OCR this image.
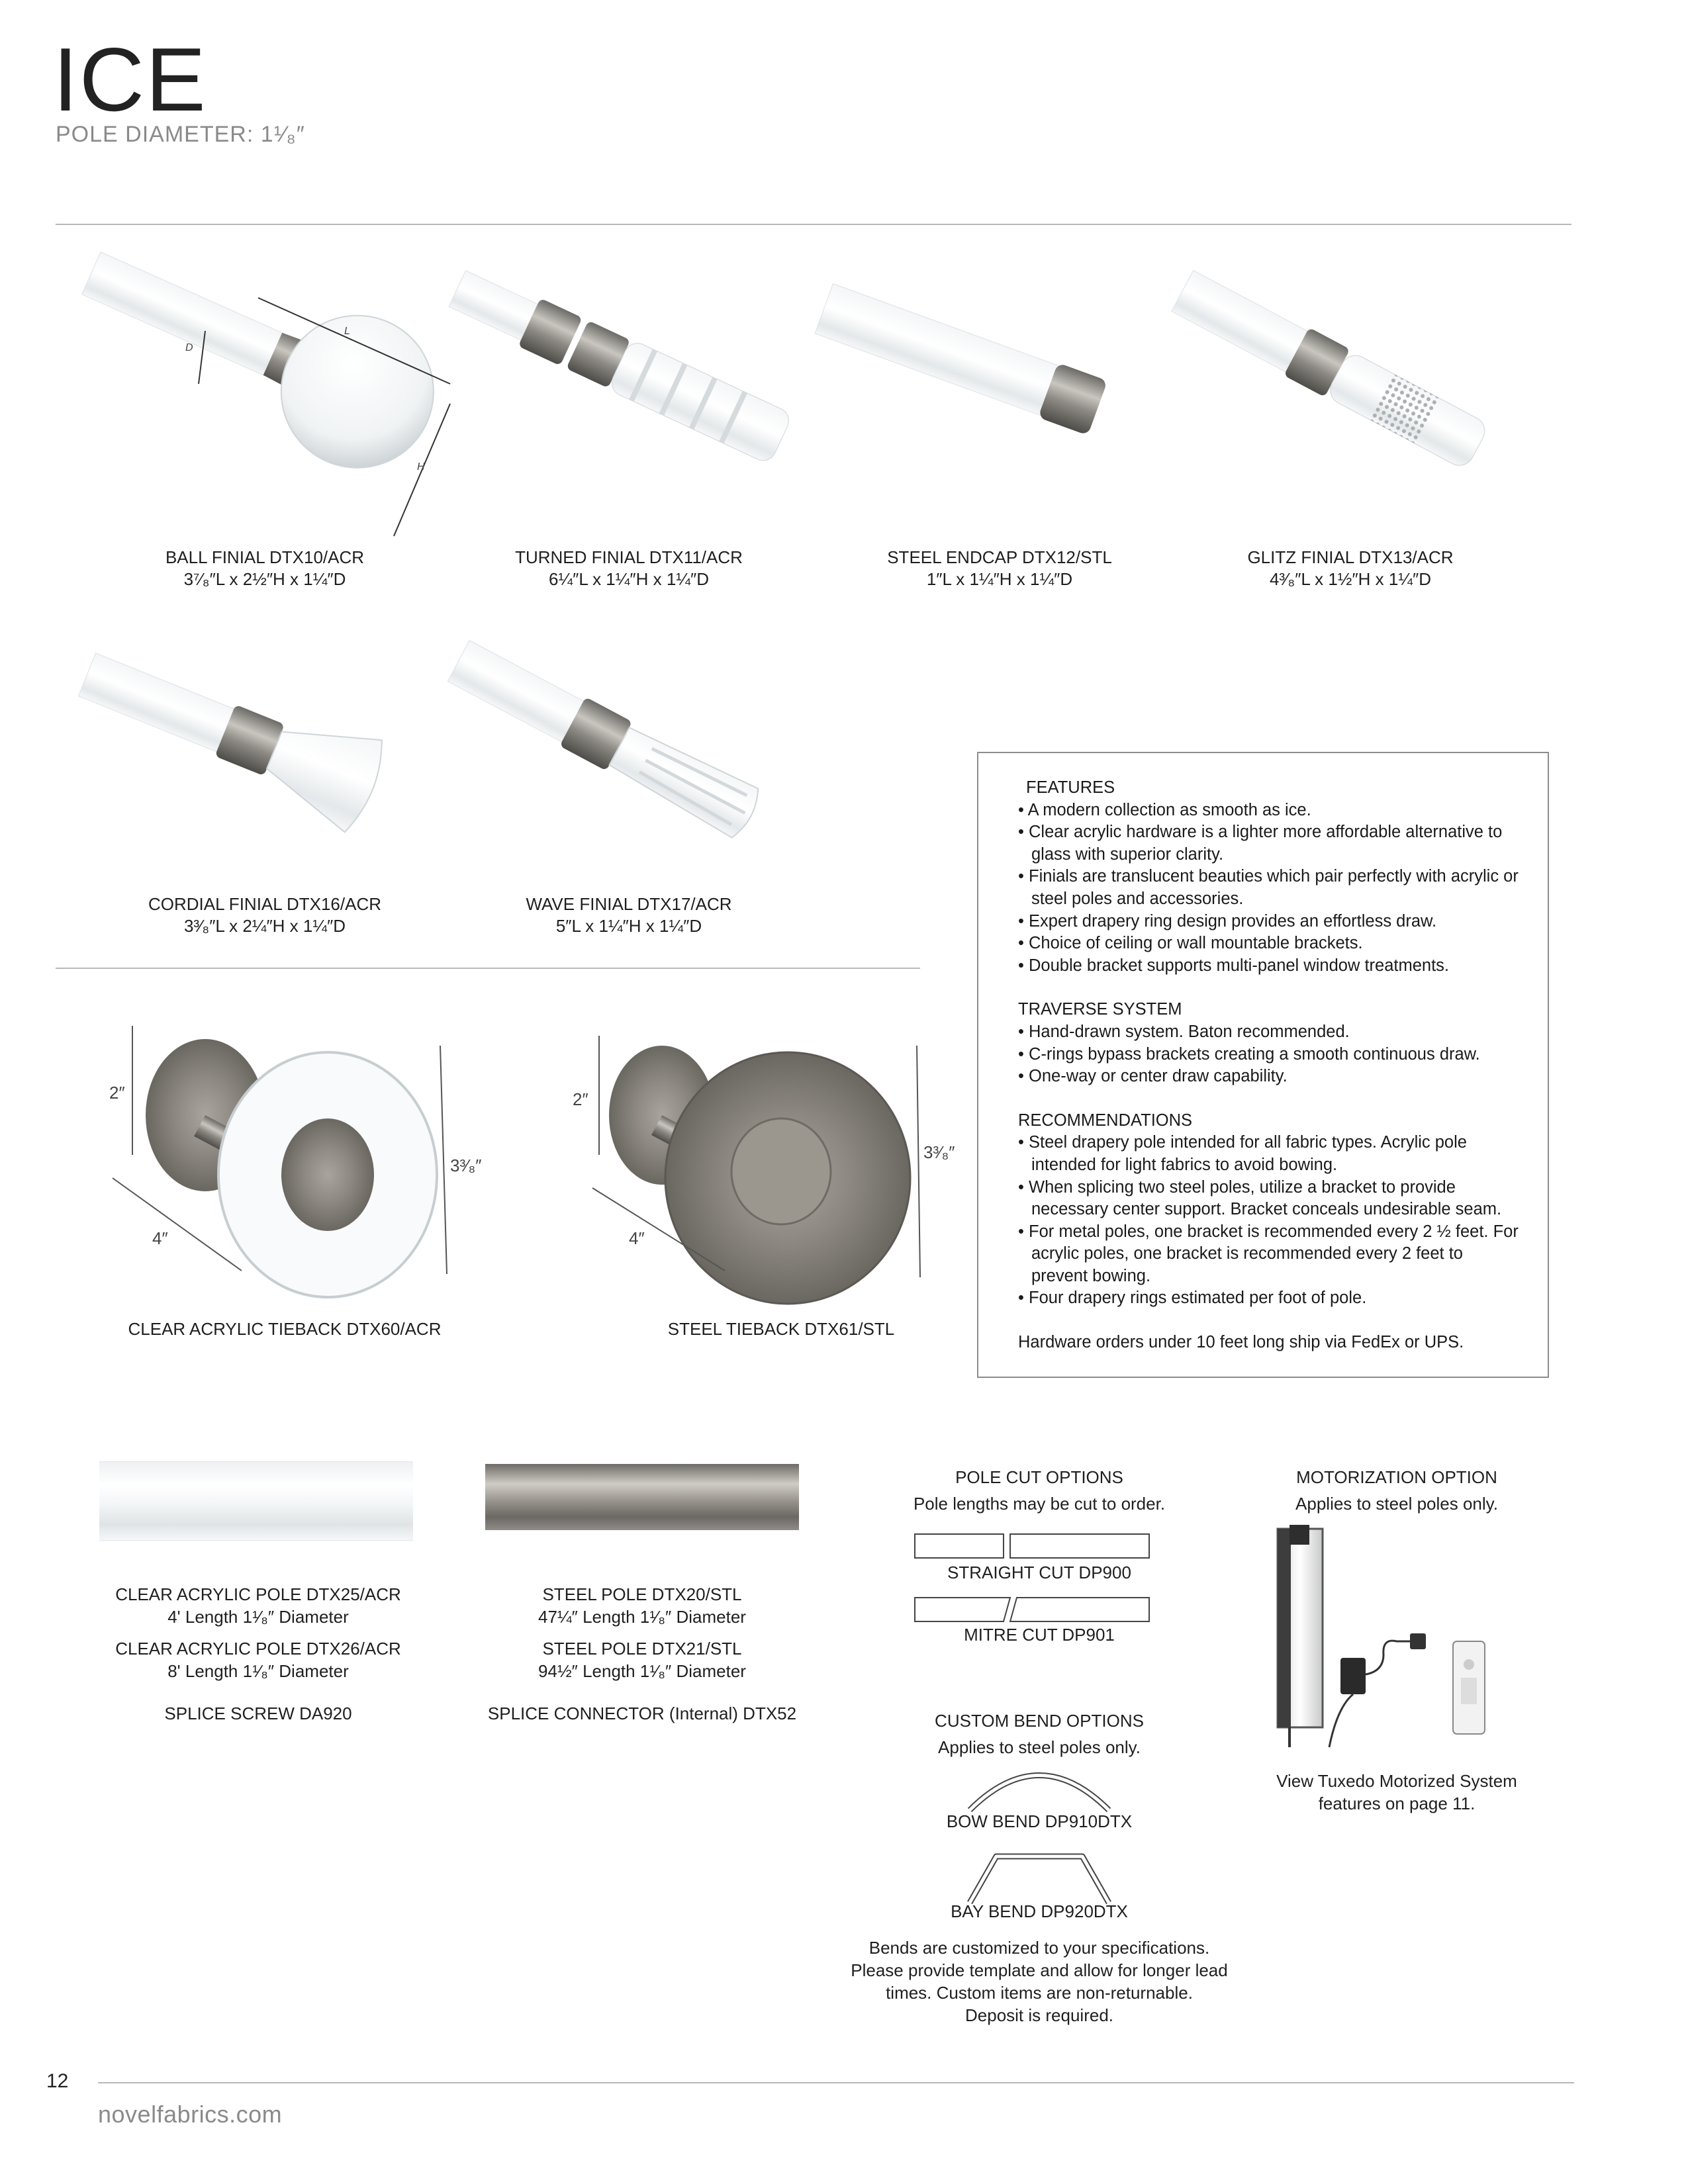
ICE
POLE DIAMETER: 1¹⁄₈″
L
D
H
BALL FINIAL DTX10/ACR
3⁷⁄₈″L x 2½″H x 1¼″D
TURNED FINIAL DTX11/ACR
6¼″L x 1¼″H x 1¼″D
STEEL ENDCAP DTX12/STL
1″L x 1¼″H x 1¼″D
GLITZ FINIAL DTX13/ACR
4³⁄₈″L x 1½″H x 1¼″D
CORDIAL FINIAL DTX16/ACR
3³⁄₈″L x 2¼″H x 1¼″D
WAVE FINIAL DTX17/ACR
5″L x 1¼″H x 1¼″D
2″
3³⁄₈″
4″
CLEAR ACRYLIC TIEBACK DTX60/ACR
2″
3³⁄₈″
4″
STEEL TIEBACK DTX61/STL
FEATURES
• A modern collection as smooth as ice.
• Clear acrylic hardware is a lighter more affordable alternative to glass with superior clarity.
• Finials are translucent beauties which pair perfectly with acrylic or steel poles and accessories.
• Expert drapery ring design provides an effortless draw.
• Choice of ceiling or wall mountable brackets.
• Double bracket supports multi-panel window treatments.
TRAVERSE SYSTEM
• Hand-drawn system. Baton recommended.
• C-rings bypass brackets creating a smooth continuous draw.
• One-way or center draw capability.
RECOMMENDATIONS
• Steel drapery pole intended for all fabric types. Acrylic pole intended for light fabrics to avoid bowing.
• When splicing two steel poles, utilize a bracket to provide necessary center support. Bracket conceals undesirable seam.
• For metal poles, one bracket is recommended every 2 ½ feet. For acrylic poles, one bracket is recommended every 2 feet to prevent bowing.
• Four drapery rings estimated per foot of pole.
Hardware orders under 10 feet long ship via FedEx or UPS.
CLEAR ACRYLIC POLE DTX25/ACR
4' Length 1¹⁄₈″ Diameter
CLEAR ACRYLIC POLE DTX26/ACR
8' Length 1¹⁄₈″ Diameter
SPLICE SCREW DA920
STEEL POLE DTX20/STL
47¼″ Length 1¹⁄₈″ Diameter
STEEL POLE DTX21/STL
94½″ Length 1¹⁄₈″ Diameter
SPLICE CONNECTOR (Internal) DTX52
POLE CUT OPTIONS
Pole lengths may be cut to order.
STRAIGHT CUT DP900
MITRE CUT DP901
CUSTOM BEND OPTIONS
Applies to steel poles only.
BOW BEND DP910DTX
BAY BEND DP920DTX
Bends are customized to your specifications.
Please provide template and allow for longer lead
times. Custom items are non-returnable.
Deposit is required.
MOTORIZATION OPTION
Applies to steel poles only.
View Tuxedo Motorized System
features on page 11.
12
novelfabrics.com
